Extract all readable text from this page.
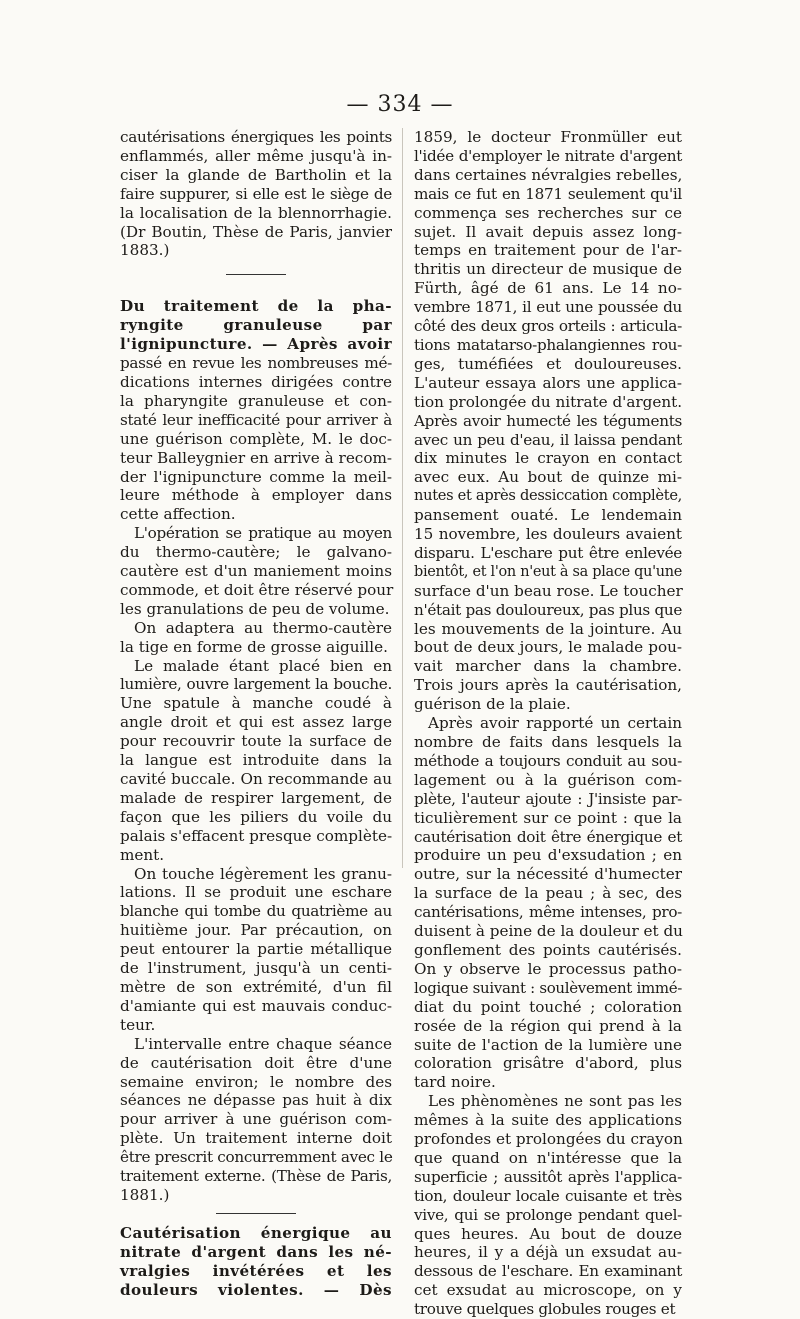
— 334 —
cautérisations énergiques les points
enflammés, aller même jusqu'à in-
ciser la glande de Bartholin et la
faire suppurer, si elle est le siège de
la localisation de la blennorrhagie.
(Dr Boutin, Thèse de Paris, janvier
1883.)
Du traitement de la pha-
ryngite granuleuse par
l'ignipuncture. — Après avoir
passé en revue les nombreuses mé-
dications internes dirigées contre
la pharyngite granuleuse et con-
staté leur inefficacité pour arriver à
une guérison complète, M. le doc-
teur Balleygnier en arrive à recom-
der l'ignipuncture comme la meil-
leure méthode à employer dans
cette affection.
L'opération se pratique au moyen
du thermo-cautère; le galvano-
cautère est d'un maniement moins
commode, et doit être réservé pour
les granulations de peu de volume.
On adaptera au thermo-cautère
la tige en forme de grosse aiguille.
Le malade étant placé bien en
lumière, ouvre largement la bouche.
Une spatule à manche coudé à
angle droit et qui est assez large
pour recouvrir toute la surface de
la langue est introduite dans la
cavité buccale. On recommande au
malade de respirer largement, de
façon que les piliers du voile du
palais s'effacent presque complète-
ment.
On touche légèrement les granu-
lations. Il se produit une eschare
blanche qui tombe du quatrième au
huitième jour. Par précaution, on
peut entourer la partie métallique
de l'instrument, jusqu'à un centi-
mètre de son extrémité, d'un fil
d'amiante qui est mauvais conduc-
teur.
L'intervalle entre chaque séance
de cautérisation doit être d'une
semaine environ; le nombre des
séances ne dépasse pas huit à dix
pour arriver à une guérison com-
plète. Un traitement interne doit
être prescrit concurremment avec le
traitement externe. (Thèse de Paris,
1881.)
Cautérisation énergique au
nitrate d'argent dans les né-
vralgies invétérées et les
douleurs violentes. — Dès
1859, le docteur Fronmüller eut
l'idée d'employer le nitrate d'argent
dans certaines névralgies rebelles,
mais ce fut en 1871 seulement qu'il
commença ses recherches sur ce
sujet. Il avait depuis assez long-
temps en traitement pour de l'ar-
thritis un directeur de musique de
Fürth, âgé de 61 ans. Le 14 no-
vembre 1871, il eut une poussée du
côté des deux gros orteils : articula-
tions matatarso-phalangiennes rou-
ges, tuméfiées et douloureuses.
L'auteur essaya alors une applica-
tion prolongée du nitrate d'argent.
Après avoir humecté les téguments
avec un peu d'eau, il laissa pendant
dix minutes le crayon en contact
avec eux. Au bout de quinze mi-
nutes et après dessiccation complète,
pansement ouaté. Le lendemain
15 novembre, les douleurs avaient
disparu. L'eschare put être enlevée
bientôt, et l'on n'eut à sa place qu'une
surface d'un beau rose. Le toucher
n'était pas douloureux, pas plus que
les mouvements de la jointure. Au
bout de deux jours, le malade pou-
vait marcher dans la chambre.
Trois jours après la cautérisation,
guérison de la plaie.
Après avoir rapporté un certain
nombre de faits dans lesquels la
méthode a toujours conduit au sou-
lagement ou à la guérison com-
plète, l'auteur ajoute : J'insiste par-
ticulièrement sur ce point : que la
cautérisation doit être énergique et
produire un peu d'exsudation ; en
outre, sur la nécessité d'humecter
la surface de la peau ; à sec, des
cantérisations, même intenses, pro-
duisent à peine de la douleur et du
gonflement des points cautérisés.
On y observe le processus patho-
logique suivant : soulèvement immé-
diat du point touché ; coloration
rosée de la région qui prend à la
suite de l'action de la lumière une
coloration grisâtre d'abord, plus
tard noire.
Les phènomènes ne sont pas les
mêmes à la suite des applications
profondes et prolongées du crayon
que quand on n'intéresse que la
superficie ; aussitôt après l'applica-
tion, douleur locale cuisante et très
vive, qui se prolonge pendant quel-
ques heures. Au bout de douze
heures, il y a déjà un exsudat au-
dessous de l'eschare. En examinant
cet exsudat au microscope, on y
trouve quelques globules rouges et
